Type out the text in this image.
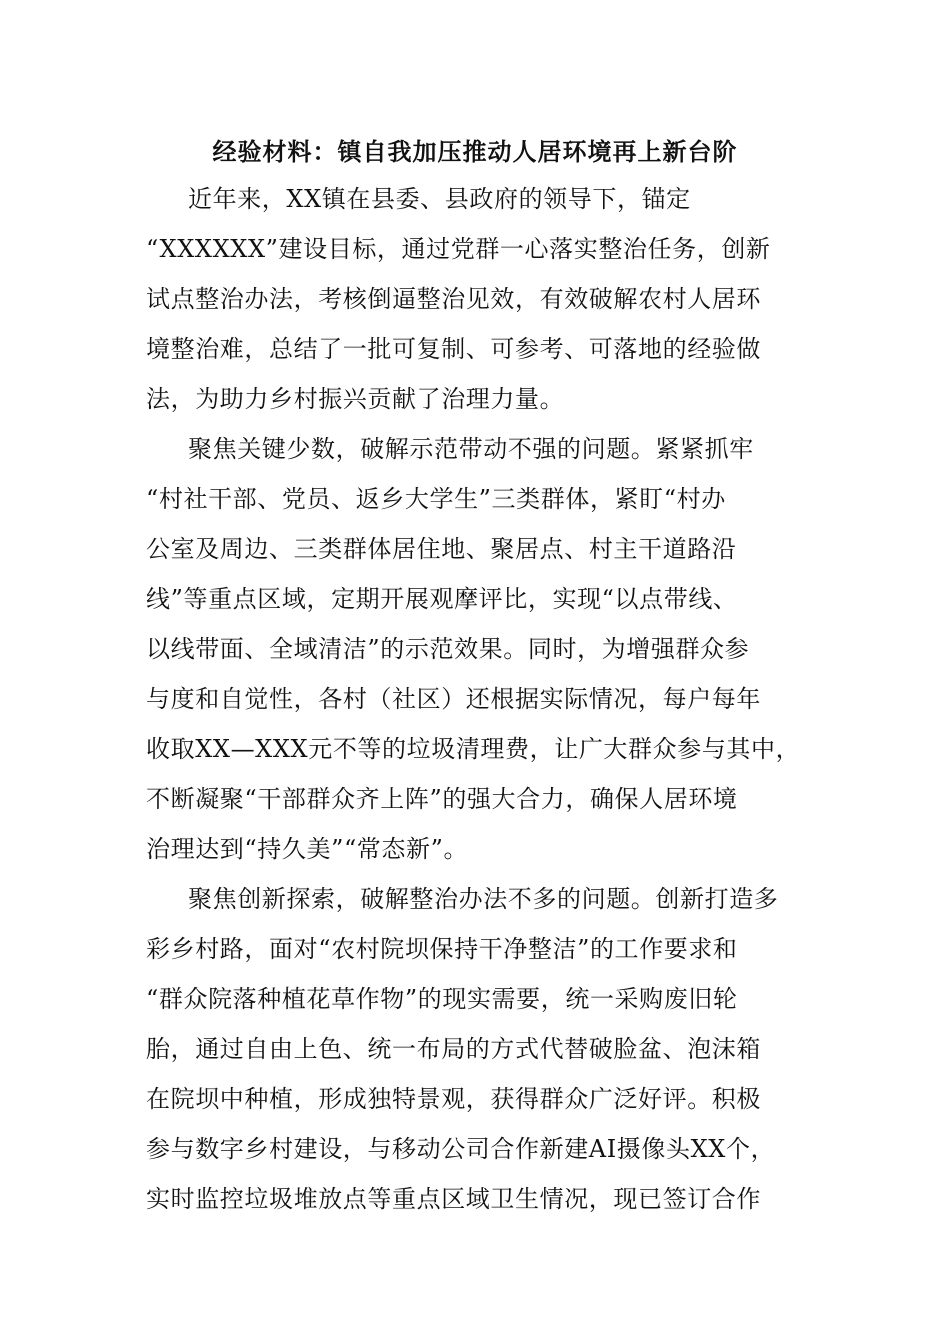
经验材料：镇自我加压推动人居环境再上新台阶
近年来，XX镇在县委、县政府的领导下，锚定
“XXXXXX”建设目标，通过党群一心落实整治任务，创新
试点整治办法，考核倒逼整治见效，有效破解农村人居环
境整治难，总结了一批可复制、可参考、可落地的经验做
法，为助力乡村振兴贡献了治理力量。
聚焦关键少数，破解示范带动不强的问题。紧紧抓牢
“村社干部、党员、返乡大学生”三类群体，紧盯“村办
公室及周边、三类群体居住地、聚居点、村主干道路沿
线”等重点区域，定期开展观摩评比，实现“以点带线、
以线带面、全域清洁”的示范效果。同时，为增强群众参
与度和自觉性，各村（社区）还根据实际情况，每户每年
收取XX—XXX元不等的垃圾清理费，让广大群众参与其中，
不断凝聚“干部群众齐上阵”的强大合力，确保人居环境
治理达到“持久美”“常态新”。
聚焦创新探索，破解整治办法不多的问题。创新打造多
彩乡村路，面对“农村院坝保持干净整洁”的工作要求和
“群众院落种植花草作物”的现实需要，统一采购废旧轮
胎，通过自由上色、统一布局的方式代替破脸盆、泡沫箱
在院坝中种植，形成独特景观，获得群众广泛好评。积极
参与数字乡村建设，与移动公司合作新建AI摄像头XX个，
实时监控垃圾堆放点等重点区域卫生情况，现已签订合作
